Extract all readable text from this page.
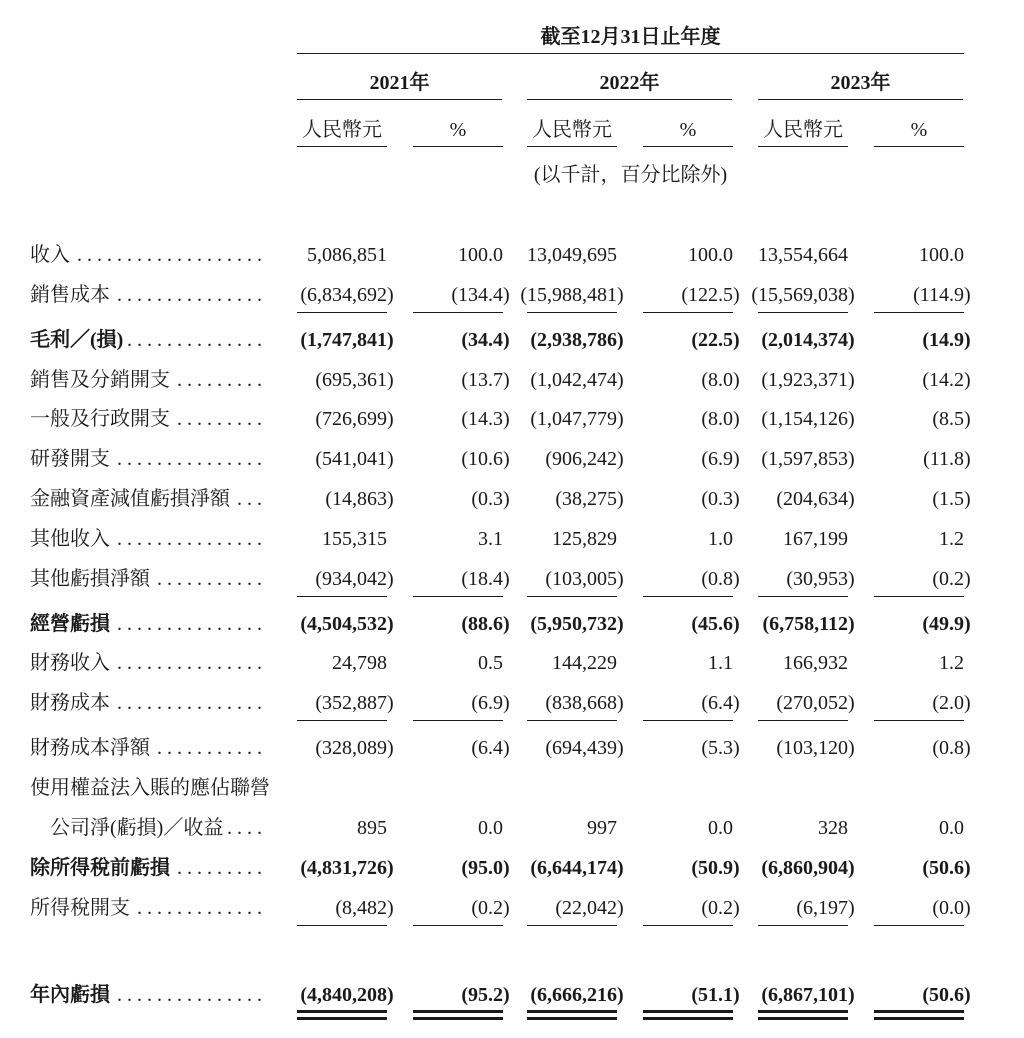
截至12月31日止年度
2021年	2022年	2023年
人民幣元	%	人民幣元	%	人民幣元	%
(以千計，百分比除外)
收入 . . .	5,086,851	100.0 13,049,695	100.0 13,554,664	100.0
銷售成本 . . .	(6,834,692)	(134.4) (15,988,481)	(122.5) (15,569,038)	(114.9)
毛利／(損) . . .	(1,747,841)	(34.4) (2,938,786)	(22.5) (2,014,374)	(14.9)
銷售及分銷開支 . . .	(695,361)	(13.7) (1,042,474)	(8.0) (1,923,371)	(14.2)
一般及行政開支 . . .	(726,699)	(14.3) (1,047,779)	(8.0) (1,154,126)	(8.5)
研發開支 . . .	(541,041)	(10.6) (906,242)	(6.9) (1,597,853)	(11.8)
金融資產減值虧損淨額 . . .	(14,863)	(0.3) (38,275)	(0.3) (204,634)	(1.5)
其他收入 . . .	155,315	3.1 125,829	1.0	167,199	1.2
其他虧損淨額 . . .	(934,042)	(18.4) (103,005)	(0.8) (30,953)	(0.2)
經營虧損 . . .	(4,504,532)	(88.6) (5,950,732)	(45.6) (6,758,112)	(49.9)
財務收入 . . .	24,798	0.5 144,229	1.1	166,932	1.2
財務成本 . . .	(352,887)	(6.9) (838,668)	(6.4) (270,052)	(2.0)
財務成本淨額 . . .	(328,089)	(6.4) (694,439)	(5.3) (103,120)	(0.8)
使用權益法入賬的應佔聯營
公司淨(虧損)／收益 . . .	895	0.0	997	0.0	328	0.0
除所得稅前虧損 . . .	(4,831,726)	(95.0) (6,644,174)	(50.9) (6,860,904)	(50.6)
所得稅開支 . . .	(8,482)	(0.2) (22,042)	(0.2)	(6,197)	(0.0)
年內虧損 . . .	(4,840,208)	(95.2) (6,666,216)	(51.1) (6,867,101)	(50.6)
